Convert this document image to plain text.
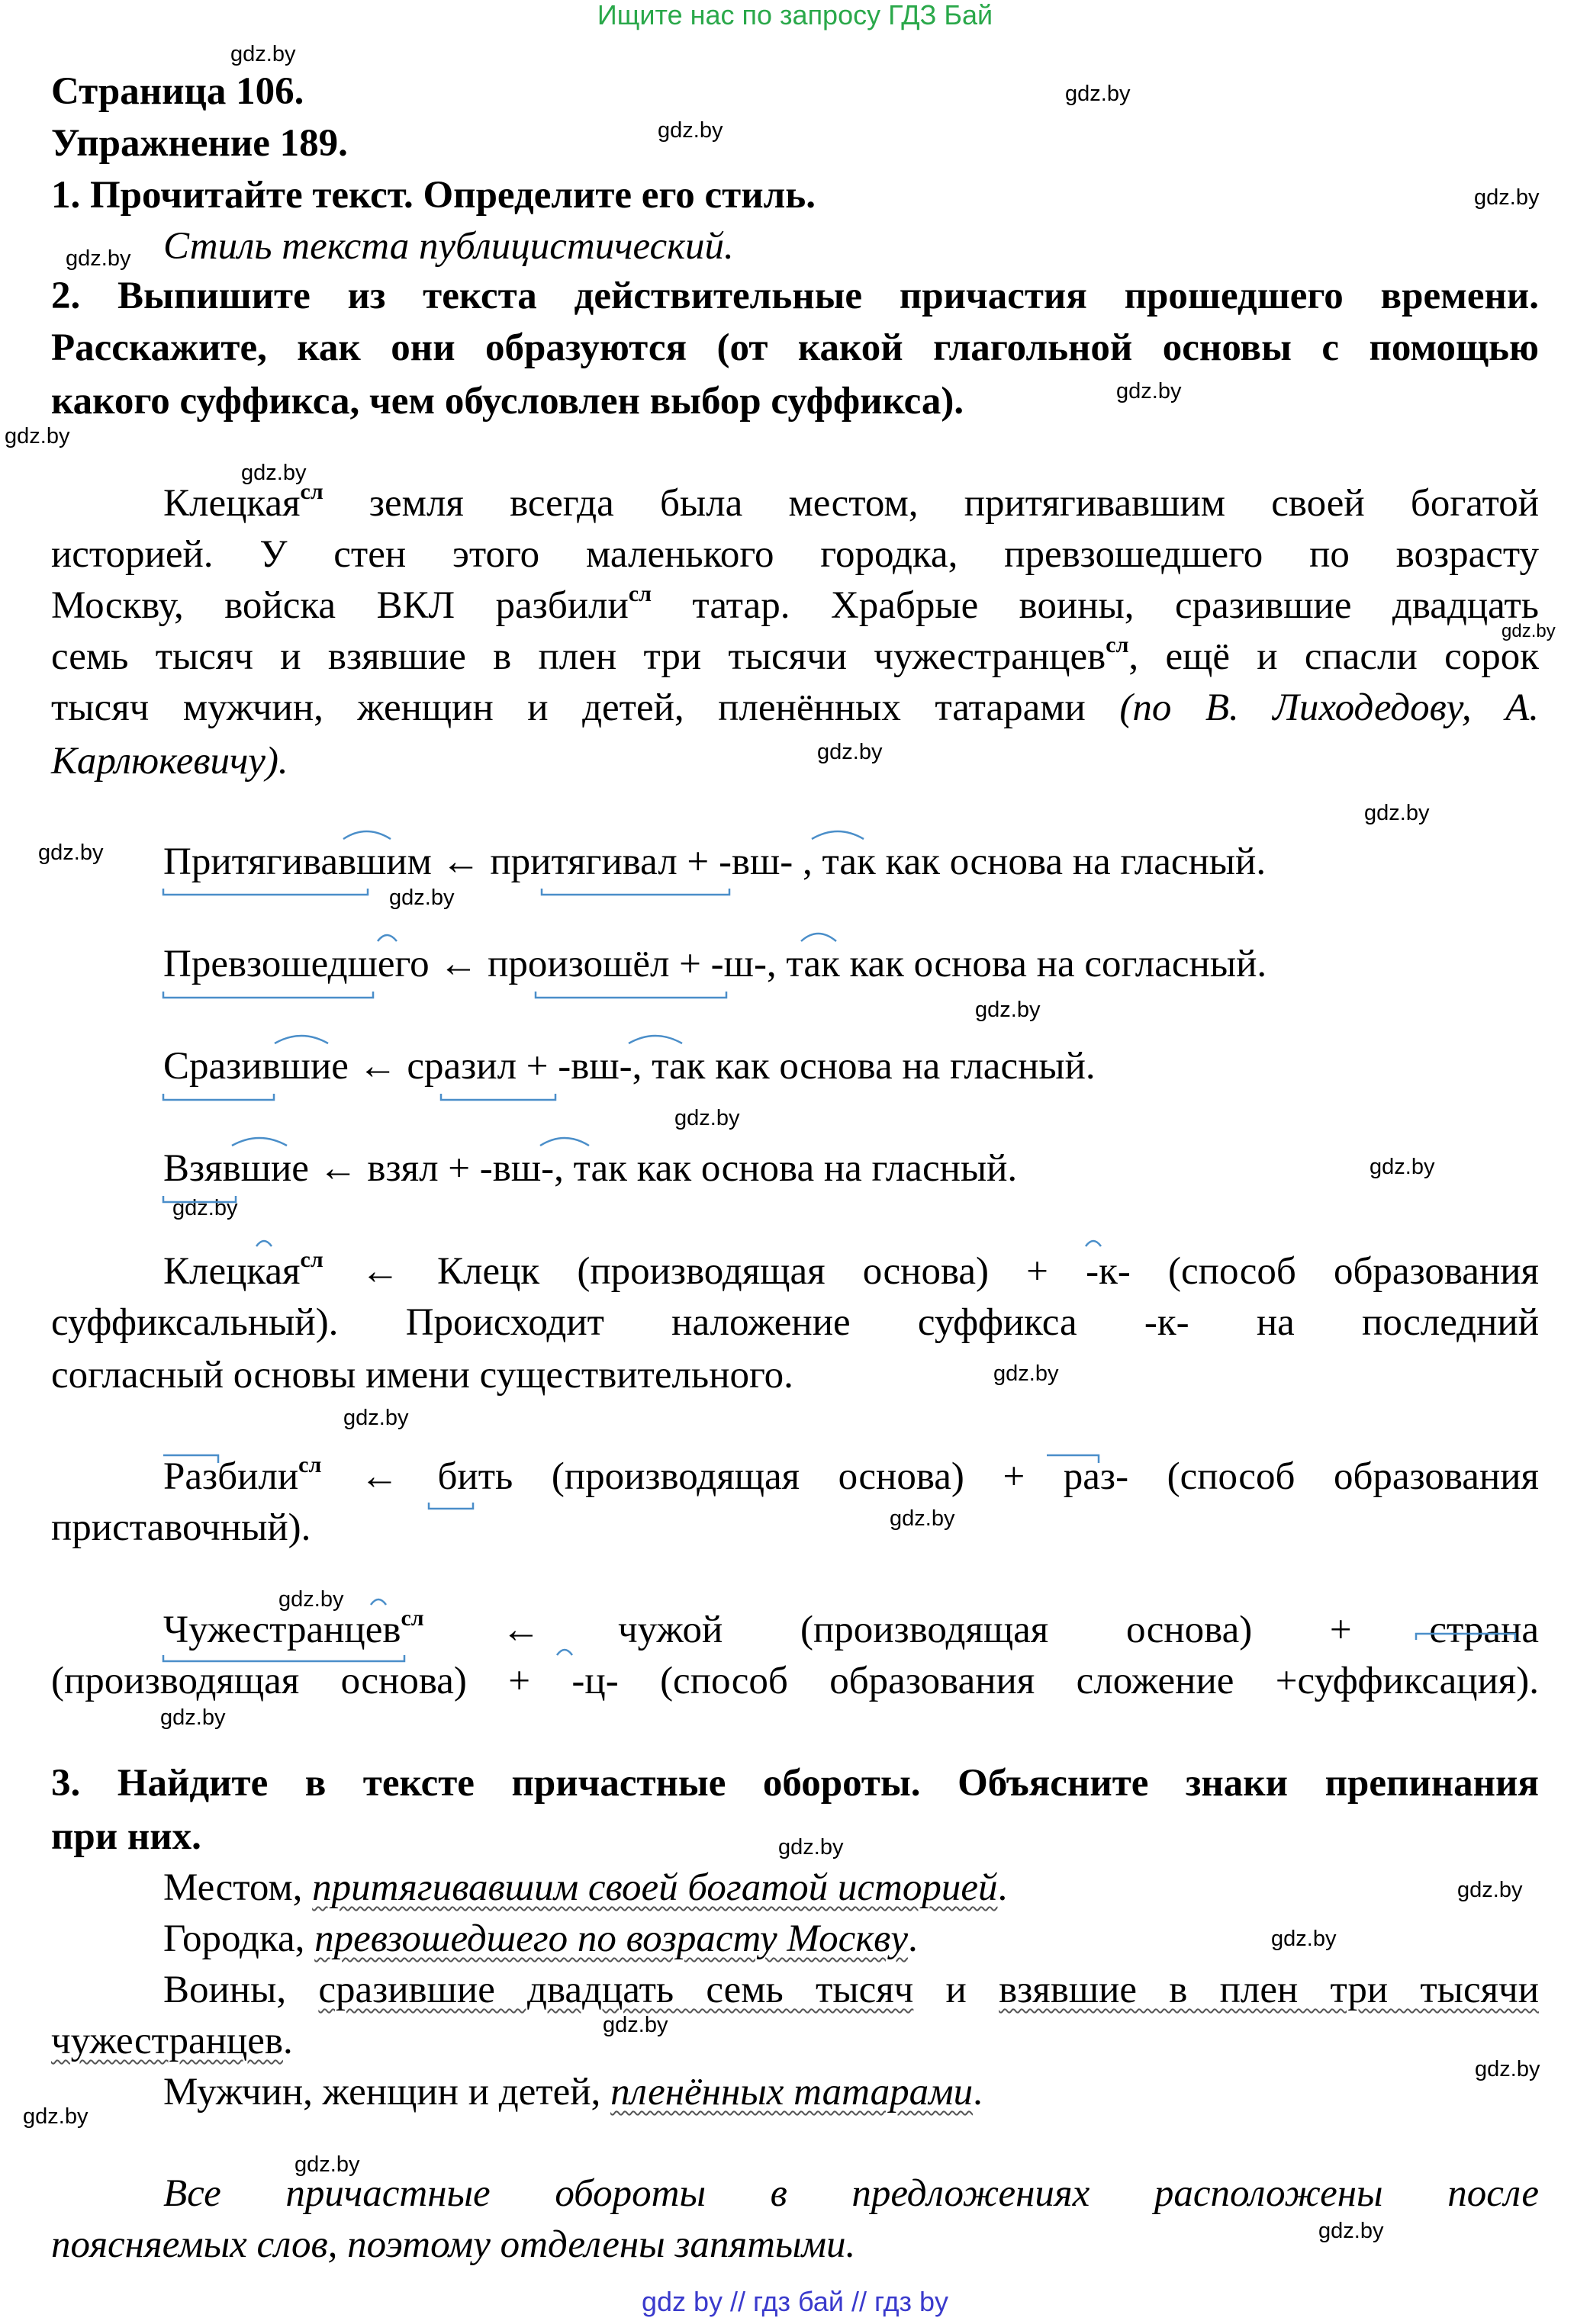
Ищите нас по запросу ГДЗ Бай
gdz.by
gdz.by
gdz.by
gdz.by
gdz.by
gdz.by
gdz.by
gdz.by
gdz.by
gdz.by
gdz.by
gdz.by
gdz.by
gdz.by
gdz.by
gdz.by
gdz.by
gdz.by
gdz.by
gdz.by
gdz.by
gdz.by
gdz.by
gdz.by
gdz.by
gdz.by
gdz.by
gdz.by
gdz.by
gdz.by
Страница 106.
Упражнение 189.
1. Прочитайте текст. Определите его стиль.
Стиль текста публицистический.
2. Выпишите из текста действительные причастия прошедшего времени.
Расскажите, как они образуются (от какой глагольной основы с помощью
какого суффикса, чем обусловлен выбор суффикса).
Клецкая$^{сл}$ земля всегда была местом, притягивавшим своей богатой
историей. У стен этого маленького городка, превзошедшего по возрасту
Москву, войска ВКЛ разбили$^{сл}$ татар. Храбрые воины, сразившие двадцать
семь тысяч и взявшие в плен три тысячи чужестранцев$^{сл}$, ещё и спасли сорок
тысяч мужчин, женщин и детей, пленённых татарами (по В. Лиходедову, А.
Карлюкевичу).
Притягивавшим ← притягивал + -вш- , так как основа на гласный.
Превзошедшего ← произошёл + -ш-, так как основа на согласный.
Сразившие ← сразил + -вш-, так как основа на гласный.
Взявшие ← взял + -вш-, так как основа на гласный.
Клецкая$^{сл}$ ← Клецк (производящая основа) + -к- (способ образования
суффиксальный). Происходит наложение суффикса -к- на последний
согласный основы имени существительного.
Разбили$^{сл}$ ← бить (производящая основа) + раз- (способ образования
приставочный).
Чужестранцев$^{сл}$ ← чужой (производящая основа) + страна
(производящая основа) + -ц- (способ образования сложение +суффиксация).
3. Найдите в тексте причастные обороты. Объясните знаки препинания
при них.
Местом, притягивавшим своей богатой историей.
Городка, превзошедшего по возрасту Москву.
Воины, сразившие двадцать семь тысяч и взявшие в плен три тысячи
чужестранцев.
Мужчин, женщин и детей, пленённых татарами.
Все причастные обороты в предложениях расположены после
поясняемых слов, поэтому отделены запятыми.
gdz by // гдз бай // гдз by
